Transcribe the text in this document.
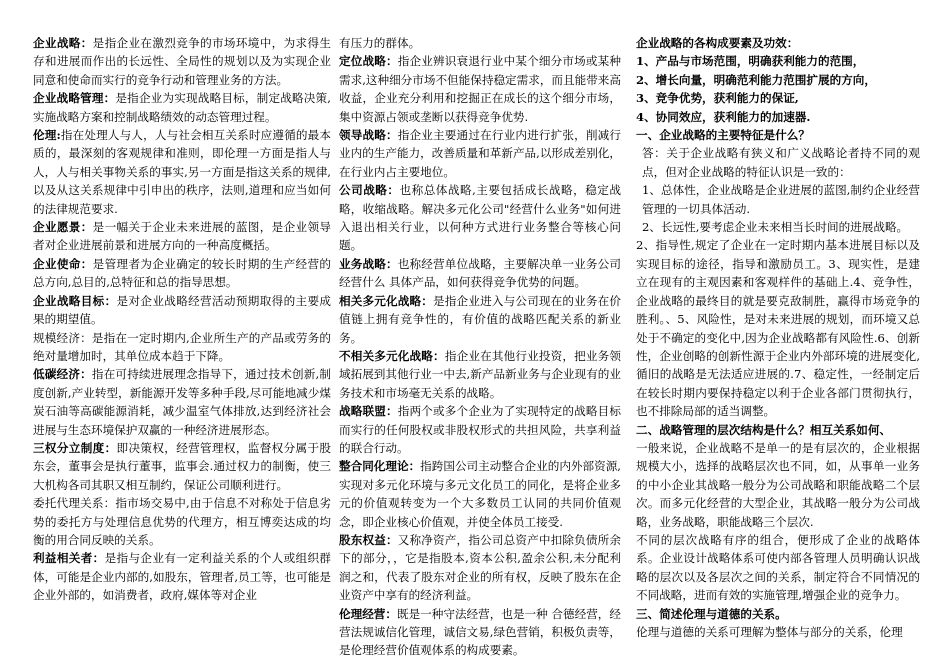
企业战略：是指企业在激烈竞争的市场环境中，为求得生存和进展而作出的长远性、全局性的规划以及为实现企业同意和使命而实行的竞争行动和管理业务的方法。

企业战略管理：是指企业为实现战略目标，制定战略决策,实施战略方案和控制战略绩效的动态管理过程。

伦理:指在处理人与人，人与社会相互关系时应遵循的最本质的，最深刻的客观规律和准则，即伦理一方面是指人与人，人与相关事物关系的事实,另一方面是指这关系的规律,以及从这关系规律中引申出的秩序，法则,道理和应当如何的法律规范要求.

企业愿景：是一幅关于企业未来进展的蓝图，是企业领导者对企业进展前景和进展方向的一种高度概括。

企业使命：是管理者为企业确定的较长时期的生产经营的总方向,总目的,总特征和总的指导思想。

企业战略目标：是对企业战略经营活动预期取得的主要成果的期望值。

规模经济：是指在一定时期内,企业所生产的产品或劳务的绝对量增加时，其单位成本趋于下降。

低碳经济：指在可持续进展理念指导下，通过技术创新,制度创新,产业转型，新能源开发等多种手段,尽可能地减少煤炭石油等高碳能源消耗，减少温室气体排放,达到经济社会进展与生态环境保护双赢的一种经济进展形态。

三权分立制度：即决策权，经营管理权，监督权分属于股东会，董事会是执行董事，监事会.通过权力的制衡，使三大机构各司其职又相互制约，保证公司顺利进行。

委托代理关系：指市场交易中,由于信息不对称处于信息劣势的委托方与处理信息优势的代理方，相互博奕达成的均衡的用合同反映的关系。

利益相关者：是指与企业有一定利益关系的个人或组织群体，可能是企业内部的,如股东，管理者,员工等，也可能是企业外部的，如消费者，政府,媒体等对企业

有压力的群体。

定位战略：指企业辨识衰退行业中某个细分市场或某种需求,这种细分市场不但能保持稳定需求，而且能带来高收益，企业充分利用和挖掘正在成长的这个细分市场，集中资源占领或垄断以获得竞争优势.

领导战略：指企业主要通过在行业内进行扩张，削减行业内的生产能力，改善质量和革新产品,以形成差别化，在行业内占主要地位。

公司战略：也称总体战略,主要包括成长战略，稳定战略，收缩战略。解决多元化公司"经营什么业务"如何进入退出相关行业，以何种方式进行业务整合等核心问题。

业务战略：也称经营单位战略，主要解决单一业务公司经营什么 具体产品，如何获得竞争优势的问题。

相关多元化战略：是指企业进入与公司现在的业务在价值链上拥有竞争性的，有价值的战略匹配关系的新业务。

不相关多元化战略：指企业在其他行业投资，把业务领域拓展到其他行业一中去,新产品新业务与企业现有的业务技术和市场毫无关系的战略。

战略联盟：指两个或多个企业为了实现特定的战略目标而实行的任何股权或非股权形式的共担风险，共享利益的联合行动。

整合同化理论：指跨国公司主动整合企业的内外部资源,实现对多元化环境与多元文化员工的同化，是将企业多元的价值观转变为一个大多数员工认同的共同价值观念，即企业核心价值观，并使全体员工接受.

股东权益：又称净资产，指公司总资产中扣除负债所余下的部分，，它是指股本,资本公积,盈余公积,未分配利润之和，代表了股东对企业的所有权，反映了股东在企业资产中享有的经济利益。

伦理经营：既是一种守法经营，也是一种 合德经营，经营法规诚信化管理，诚信文易,绿色营销，积极负责等，是伦理经营价值观体系的构成要素。

企业战略的各构成要素及功效：

1、产品与市场范围，明确获利能力的范围，

2、增长向量，明确范利能力范围扩展的方向，

3、竞争优势，获利能力的保证,

4、协同效应，获利能力的加速器.

一、企业战略的主要特征是什么？

答：关于企业战略有狭义和广义战略论者持不同的观点，但对企业战略的特征认识是一致的：

1、总体性，企业战略是企业进展的蓝图,制约企业经营管理的一切具体活动.

2、长远性,要考虑企业未来相当长时间的进展战略。

2、指导性,规定了企业在一定时期内基本进展目标以及实现目标的途径，指导和激励员工。3、现实性，是建立在现有的主观因素和客观样件的基础上.4、竞争性，企业战略的最终目的就是要克敌制胜，赢得市场竞争的胜利。、5、风险性，是对未来进展的规划，而环境又总处于不确定的变化中,因为企业战略都有风险性.6、创新性，企业创略的创新性源于企业内外部环境的进展变化,循旧的战略是无法适应进展的.7、稳定性，一经制定后在较长时期内要保持稳定以利于企业各部门贯彻执行，也不排除局部的适当调整。

二、战略管理的层次结构是什么？相互关系如何、

一般来说，企业战略不是单一的是有层次的，企业根据规模大小，选择的战略层次也不同，如，从事单一业务的中小企业其战略一般分为公司战略和职能战略二个层次。而多元化经营的大型企业，其战略一般分为公司战略，业务战略，职能战略三个层次.

不同的层次战略有序的组合，便形成了企业的战略体系。企业设计战略体系可使内部各管理人员明确认识战略的层次以及各层次之间的关系，制定符合不同情况的不同战略，进而有效的实施管理,增强企业的竞争力。

三、简述伦理与道德的关系。

伦理与道德的关系可理解为整体与部分的关系，伦理
